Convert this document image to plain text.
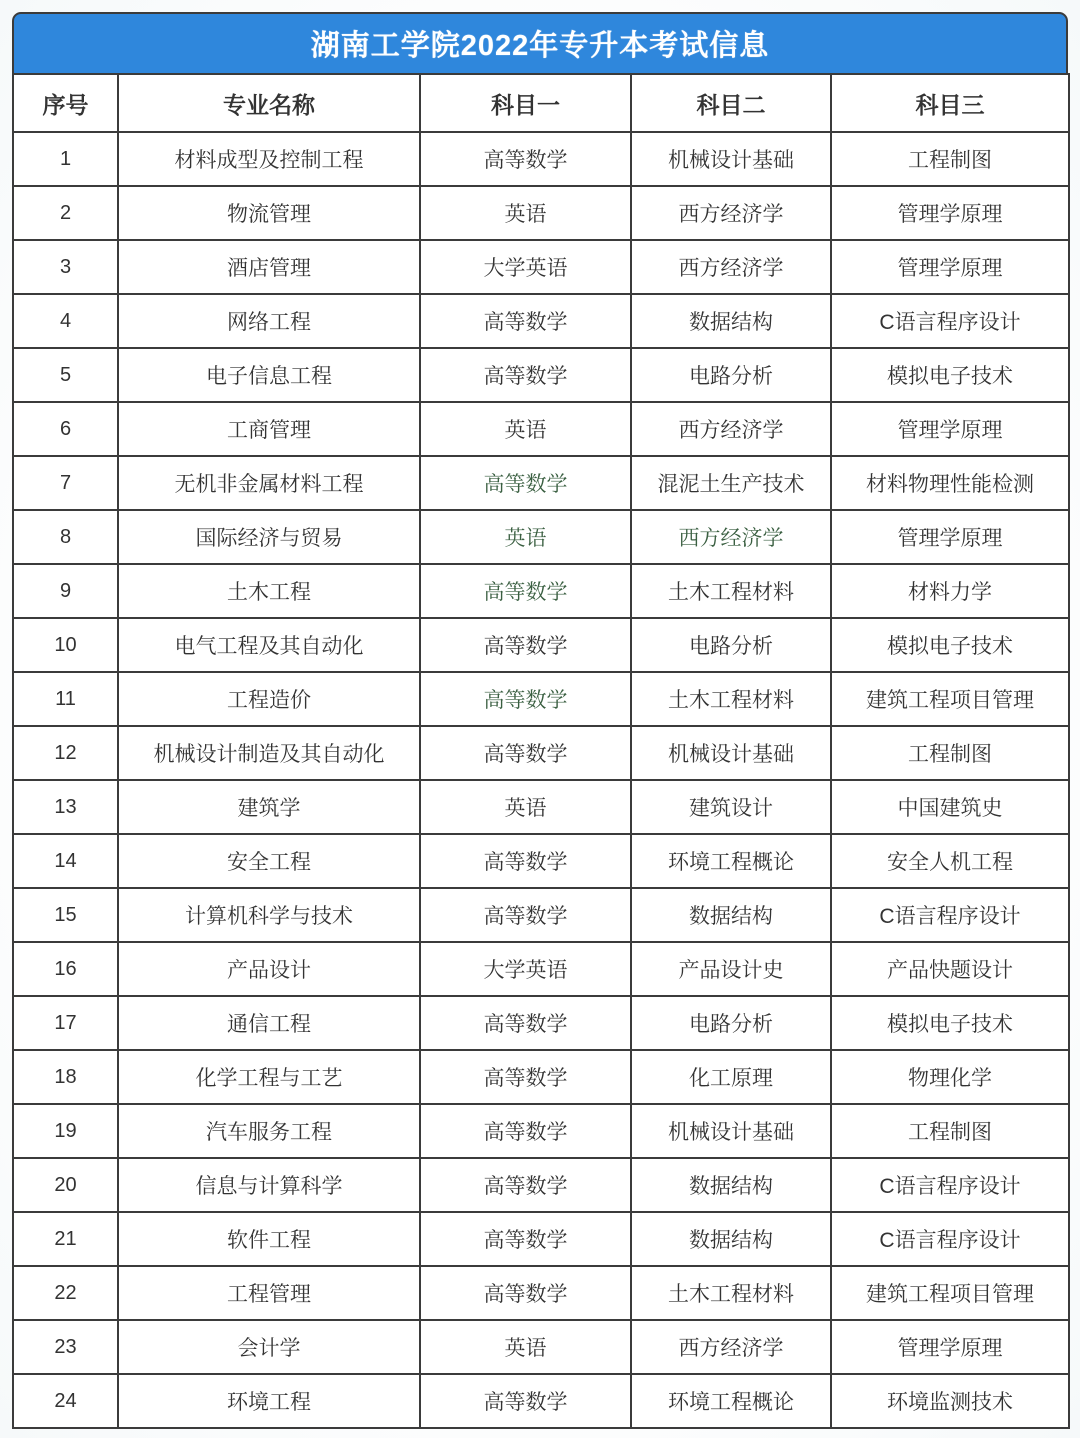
湖南工学院2022年专升本考试信息
序号	专业名称	科目一	科目二	科目三
1	材料成型及控制工程	高等数学	机械设计基础	工程制图
2	物流管理	英语	西方经济学	管理学原理
3	酒店管理	大学英语	西方经济学	管理学原理
4	网络工程	高等数学	数据结构	C语言程序设计
5	电子信息工程	高等数学	电路分析	模拟电子技术
6	工商管理	英语	西方经济学	管理学原理
7	无机非金属材料工程	高等数学	混泥土生产技术	材料物理性能检测
8	国际经济与贸易	英语	西方经济学	管理学原理
9	土木工程	高等数学	土木工程材料	材料力学
10	电气工程及其自动化	高等数学	电路分析	模拟电子技术
11	工程造价	高等数学	土木工程材料	建筑工程项目管理
12	机械设计制造及其自动化	高等数学	机械设计基础	工程制图
13	建筑学	英语	建筑设计	中国建筑史
14	安全工程	高等数学	环境工程概论	安全人机工程
15	计算机科学与技术	高等数学	数据结构	C语言程序设计
16	产品设计	大学英语	产品设计史	产品快题设计
17	通信工程	高等数学	电路分析	模拟电子技术
18	化学工程与工艺	高等数学	化工原理	物理化学
19	汽车服务工程	高等数学	机械设计基础	工程制图
20	信息与计算科学	高等数学	数据结构	C语言程序设计
21	软件工程	高等数学	数据结构	C语言程序设计
22	工程管理	高等数学	土木工程材料	建筑工程项目管理
23	会计学	英语	西方经济学	管理学原理
24	环境工程	高等数学	环境工程概论	环境监测技术
